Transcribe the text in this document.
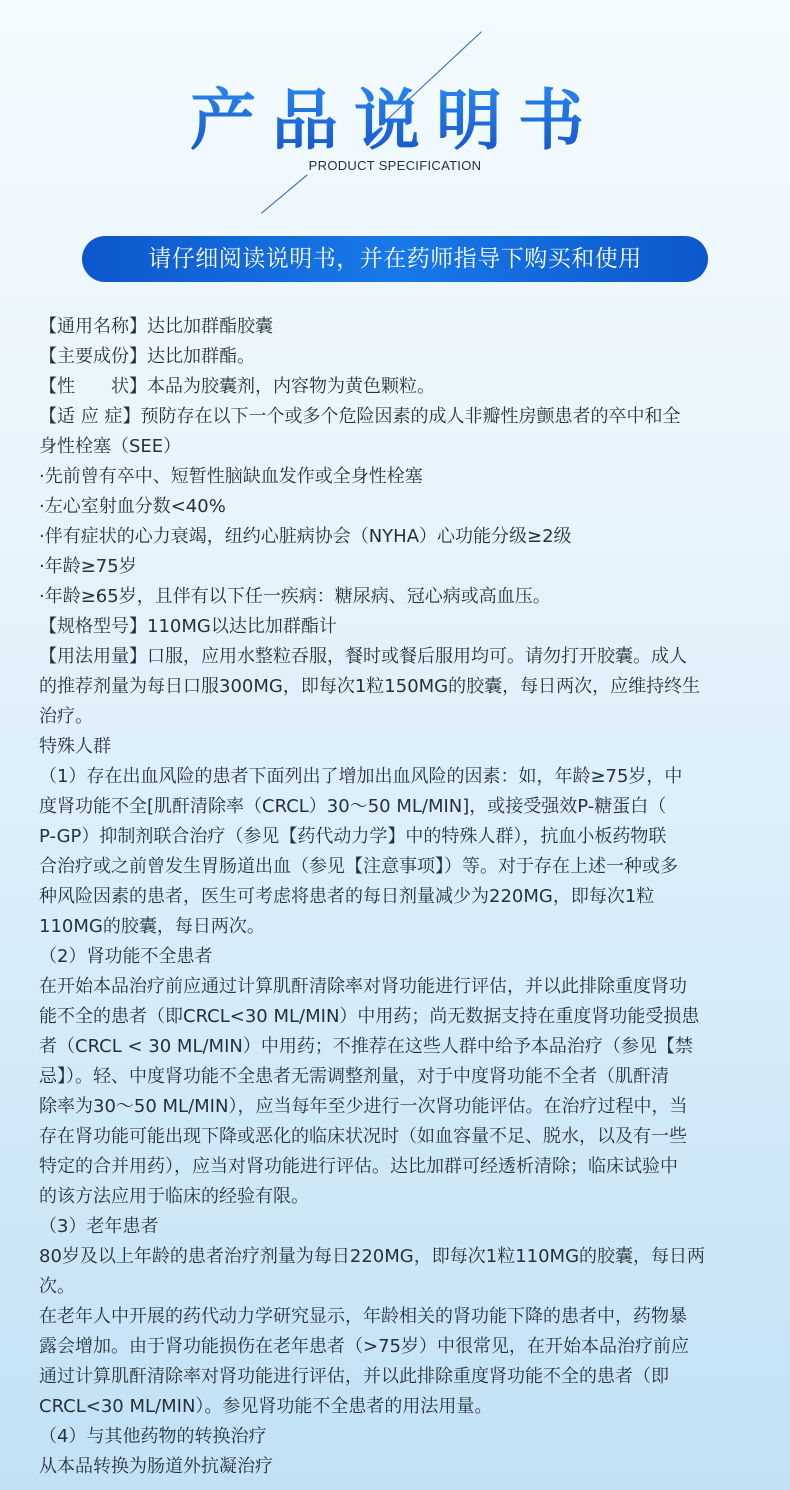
产品说明书
PRODUCT SPECIFICATION
请仔细阅读说明书，并在药师指导下购买和使用
【通用名称】达比加群酯胶囊
【主要成份】达比加群酯。
【性　　状】本品为胶囊剂，内容物为黄色颗粒。
【适 应 症】预防存在以下一个或多个危险因素的成人非瓣性房颤患者的卒中和全
身性栓塞（SEE）
·先前曾有卒中、短暂性脑缺血发作或全身性栓塞
·左心室射血分数<40%
·伴有症状的心力衰竭，纽约心脏病协会（NYHA）心功能分级≥2级
·年龄≥75岁
·年龄≥65岁，且伴有以下任一疾病：糖尿病、冠心病或高血压。
【规格型号】110MG以达比加群酯计
【用法用量】口服，应用水整粒吞服，餐时或餐后服用均可。请勿打开胶囊。成人
的推荐剂量为每日口服300MG，即每次1粒150MG的胶囊，每日两次，应维持终生
治疗。
特殊人群
（1）存在出血风险的患者下面列出了增加出血风险的因素：如，年龄≥75岁，中
度肾功能不全[肌酐清除率（CRCL）30～50 ML/MIN]，或接受强效P-糖蛋白（
P-GP）抑制剂联合治疗（参见【药代动力学】中的特殊人群），抗血小板药物联
合治疗或之前曾发生胃肠道出血（参见【注意事项】）等。对于存在上述一种或多
种风险因素的患者，医生可考虑将患者的每日剂量减少为220MG，即每次1粒
110MG的胶囊，每日两次。
（2）肾功能不全患者
在开始本品治疗前应通过计算肌酐清除率对肾功能进行评估，并以此排除重度肾功
能不全的患者（即CRCL<30 ML/MIN）中用药；尚无数据支持在重度肾功能受损患
者（CRCL < 30 ML/MIN）中用药；不推荐在这些人群中给予本品治疗（参见【禁
忌】）。轻、中度肾功能不全患者无需调整剂量，对于中度肾功能不全者（肌酐清
除率为30～50 ML/MIN），应当每年至少进行一次肾功能评估。在治疗过程中，当
存在肾功能可能出现下降或恶化的临床状况时（如血容量不足、脱水，以及有一些
特定的合并用药），应当对肾功能进行评估。达比加群可经透析清除；临床试验中
的该方法应用于临床的经验有限。
（3）老年患者
80岁及以上年龄的患者治疗剂量为每日220MG，即每次1粒110MG的胶囊，每日两
次。
在老年人中开展的药代动力学研究显示，年龄相关的肾功能下降的患者中，药物暴
露会增加。由于肾功能损伤在老年患者（>75岁）中很常见，在开始本品治疗前应
通过计算肌酐清除率对肾功能进行评估，并以此排除重度肾功能不全的患者（即
CRCL<30 ML/MIN）。参见肾功能不全患者的用法用量。
（4）与其他药物的转换治疗
从本品转换为肠道外抗凝治疗
